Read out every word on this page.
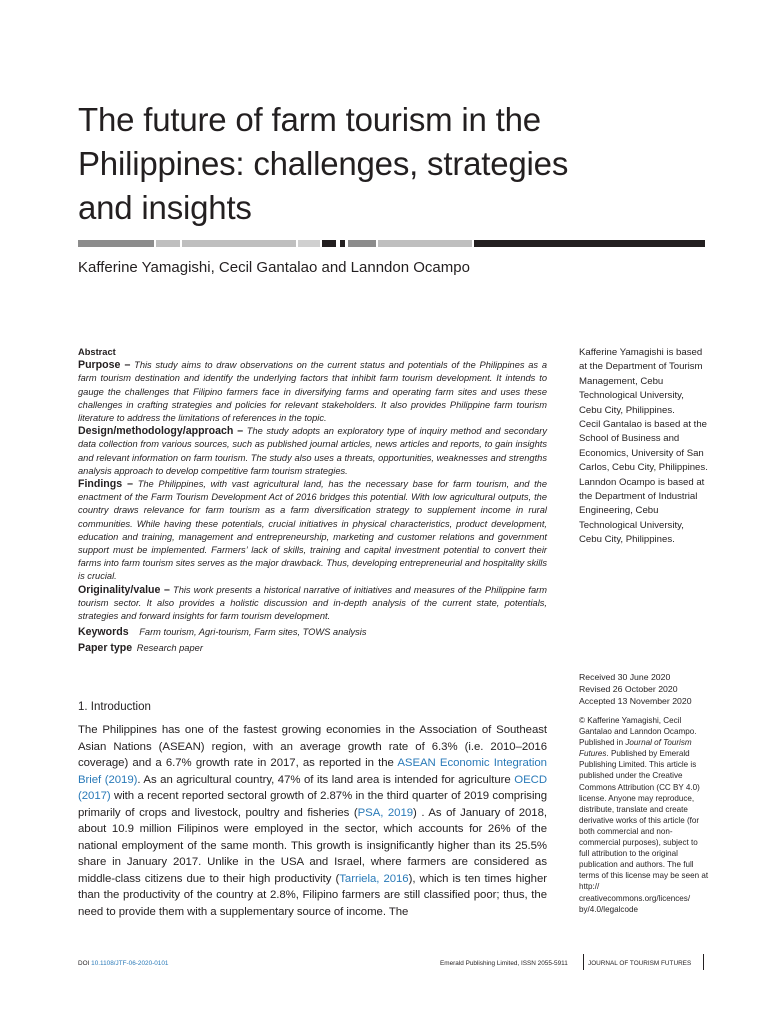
The future of farm tourism in the
Philippines: challenges, strategies
and insights
Kafferine Yamagishi, Cecil Gantalao and Lanndon Ocampo
Abstract

Purpose – This study aims to draw observations on the current status and potentials of the Philippines as a farm tourism destination and identify the underlying factors that inhibit farm tourism development. It intends to gauge the challenges that Filipino farmers face in diversifying farms and operating farm sites and uses these challenges in crafting strategies and policies for relevant stakeholders. It also provides Philippine farm tourism literature to address the limitations of references in the topic.

Design/methodology/approach – The study adopts an exploratory type of inquiry method and secondary data collection from various sources, such as published journal articles, news articles and reports, to gain insights and relevant information on farm tourism. The study also uses a threats, opportunities, weaknesses and strengths analysis approach to develop competitive farm tourism strategies.

Findings – The Philippines, with vast agricultural land, has the necessary base for farm tourism, and the enactment of the Farm Tourism Development Act of 2016 bridges this potential. With low agricultural outputs, the country draws relevance for farm tourism as a farm diversification strategy to supplement income in rural communities. While having these potentials, crucial initiatives in physical characteristics, product development, education and training, management and entrepreneurship, marketing and customer relations and government support must be implemented. Farmers’ lack of skills, training and capital investment potential to convert their farms into farm tourism sites serves as the major drawback. Thus, developing entrepreneurial and hospitality skills is crucial.

Originality/value – This work presents a historical narrative of initiatives and measures of the Philippine farm tourism sector. It also provides a holistic discussion and in-depth analysis of the current state, potentials, strategies and forward insights for farm tourism development.

Keywords Farm tourism, Agri-tourism, Farm sites, TOWS analysis

Paper type Research paper

Kafferine Yamagishi is based at the Department of Tourism Management, Cebu Technological University, Cebu City, Philippines.

Cecil Gantalao is based at the School of Business and Economics, University of San Carlos, Cebu City, Philippines.

Lanndon Ocampo is based at the Department of Industrial Engineering, Cebu Technological University, Cebu City, Philippines.

Received 30 June 2020

Revised 26 October 2020

Accepted 13 November 2020

© Kafferine Yamagishi, Cecil Gantalao and Lanndon Ocampo. Published in Journal of Tourism Futures. Published by Emerald Publishing Limited. This article is published under the Creative Commons Attribution (CC BY 4.0) license. Anyone may reproduce, distribute, translate and create derivative works of this article (for both commercial and non-commercial purposes), subject to full attribution to the original publication and authors. The full terms of this license may be seen at http:// creativecommons.org/licences/ by/4.0/legalcode

1. Introduction

The Philippines has one of the fastest growing economies in the Association of Southeast Asian Nations (ASEAN) region, with an average growth rate of 6.3% (i.e. 2010–2016 coverage) and a 6.7% growth rate in 2017, as reported in the ASEAN Economic Integration Brief (2019). As an agricultural country, 47% of its land area is intended for agriculture OECD (2017) with a recent reported sectoral growth of 2.87% in the third quarter of 2019 comprising primarily of crops and livestock, poultry and fisheries (PSA, 2019) . As of January of 2018, about 10.9 million Filipinos were employed in the sector, which accounts for 26% of the national employment of the same month. This growth is insignificantly higher than its 25.5% share in January 2017. Unlike in the USA and Israel, where farmers are considered as middle-class citizens due to their high productivity (Tarriela, 2016), which is ten times higher than the productivity of the country at 2.8%, Filipino farmers are still classified poor; thus, the need to provide them with a supplementary source of income. The

DOI 10.1108/JTF-06-2020-0101	Emerald Publishing Limited, ISSN 2055-5911	JOURNAL OF TOURISM FUTURES
